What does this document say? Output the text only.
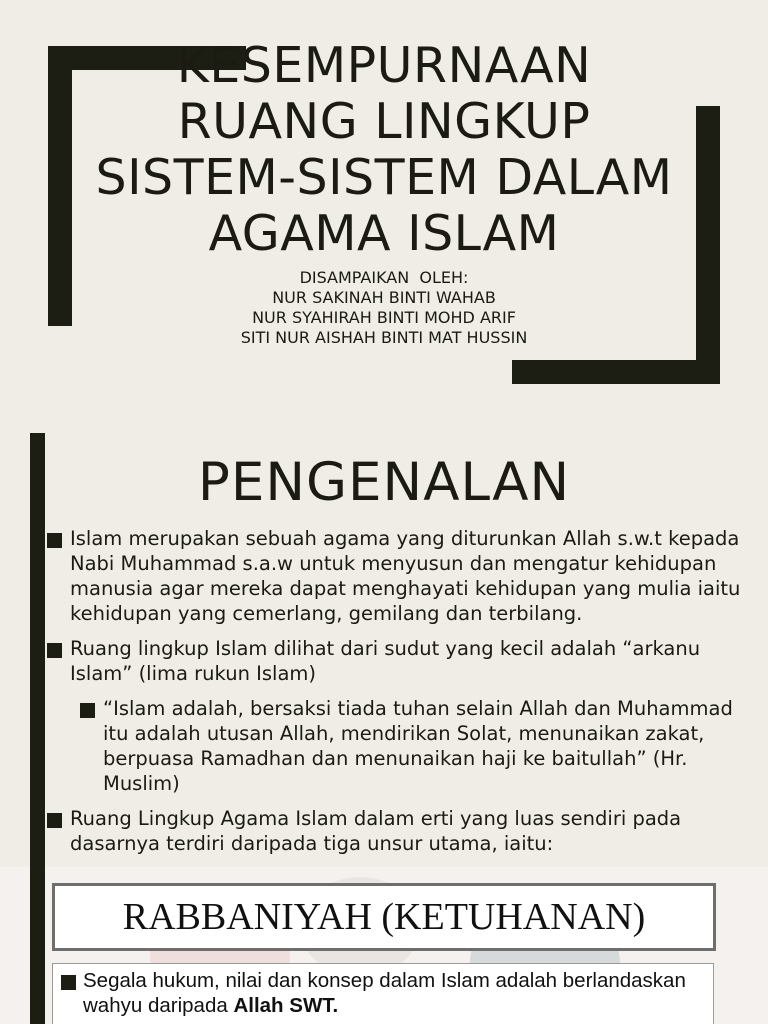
KESEMPURNAAN
RUANG LINGKUP
SISTEM-SISTEM DALAM
AGAMA ISLAM
DISAMPAIKAN  OLEH:
NUR SAKINAH BINTI WAHAB
NUR SYAHIRAH BINTI MOHD ARIF
SITI NUR AISHAH BINTI MAT HUSSIN
PENGENALAN
Islam merupakan sebuah agama yang diturunkan Allah s.w.t kepada Nabi Muhammad s.a.w untuk menyusun dan mengatur kehidupan manusia agar mereka dapat menghayati kehidupan yang mulia iaitu kehidupan yang cemerlang, gemilang dan terbilang.
Ruang lingkup Islam dilihat dari sudut yang kecil adalah “arkanu Islam” (lima rukun Islam)
“Islam adalah, bersaksi tiada tuhan selain Allah dan Muhammad itu adalah utusan Allah, mendirikan Solat, menunaikan zakat, berpuasa Ramadhan dan menunaikan haji ke baitullah” (Hr. Muslim)
Ruang Lingkup Agama Islam dalam erti yang luas sendiri pada dasarnya terdiri daripada tiga unsur utama, iaitu:
RABBANIYAH (KETUHANAN)
Segala hukum, nilai dan konsep dalam Islam adalah berlandaskan wahyu daripada Allah SWT.
